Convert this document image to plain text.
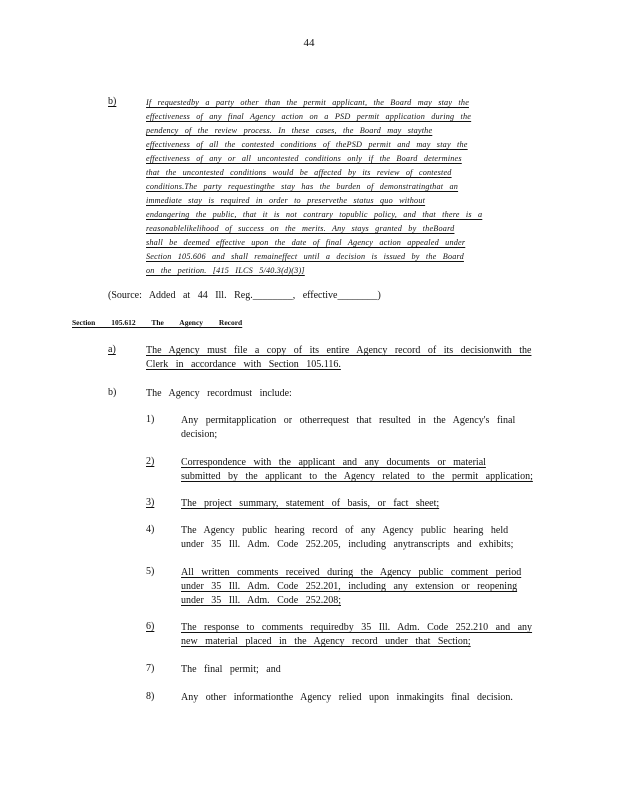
44
b)	If requestedby a party other than the permit applicant, the Board may stay the
effectiveness of any final Agency action on a PSD permit application during the
pendency of the review process. In these cases, the Board may staythe
effectiveness of all the contested conditions of thePSD permit and may stay the
effectiveness of any or all uncontested conditions only if the Board determines
that the uncontested conditions would be affected by its review of contested
conditions.The party requestingthe stay has the burden of demonstratingthat an
immediate stay is required in order to preservethe status quo without
endangering the public, that it is not contrary topublic policy, and that there is a
reasonablelikelihood of success on the merits. Any stays granted by theBoard
shall be deemed effective upon the date of final Agency action appealed under
Section 105.606 and shall remaineffect until a decision is issued by the Board
on the petition. [415 ILCS 5/40.3(d)(3)]
(Source: Added at 44 Ill. Reg.________, effective________)
Section 105.612 The Agency Record
a)	The Agency must file a copy of its entire Agency record of its decisionwith the
Clerk in accordance with Section 105.116.
b)	The Agency recordmust include:
1)	Any permitapplication or otherrequest that resulted in the Agency's final
decision;
2)	Correspondence with the applicant and any documents or material
submitted by the applicant to the Agency related to the permit application;
3)	The project summary, statement of basis, or fact sheet;
4)	The Agency public hearing record of any Agency public hearing held
under 35 Ill. Adm. Code 252.205, including anytranscripts and exhibits;
5)	All written comments received during the Agency public comment period
under 35 Ill. Adm. Code 252.201, including any extension or reopening
under 35 Ill. Adm. Code 252.208;
6)	The response to comments requiredby 35 Ill. Adm. Code 252.210 and any
new material placed in the Agency record under that Section;
7)	The final permit; and
8)	Any other informationthe Agency relied upon inmakingits final decision.
